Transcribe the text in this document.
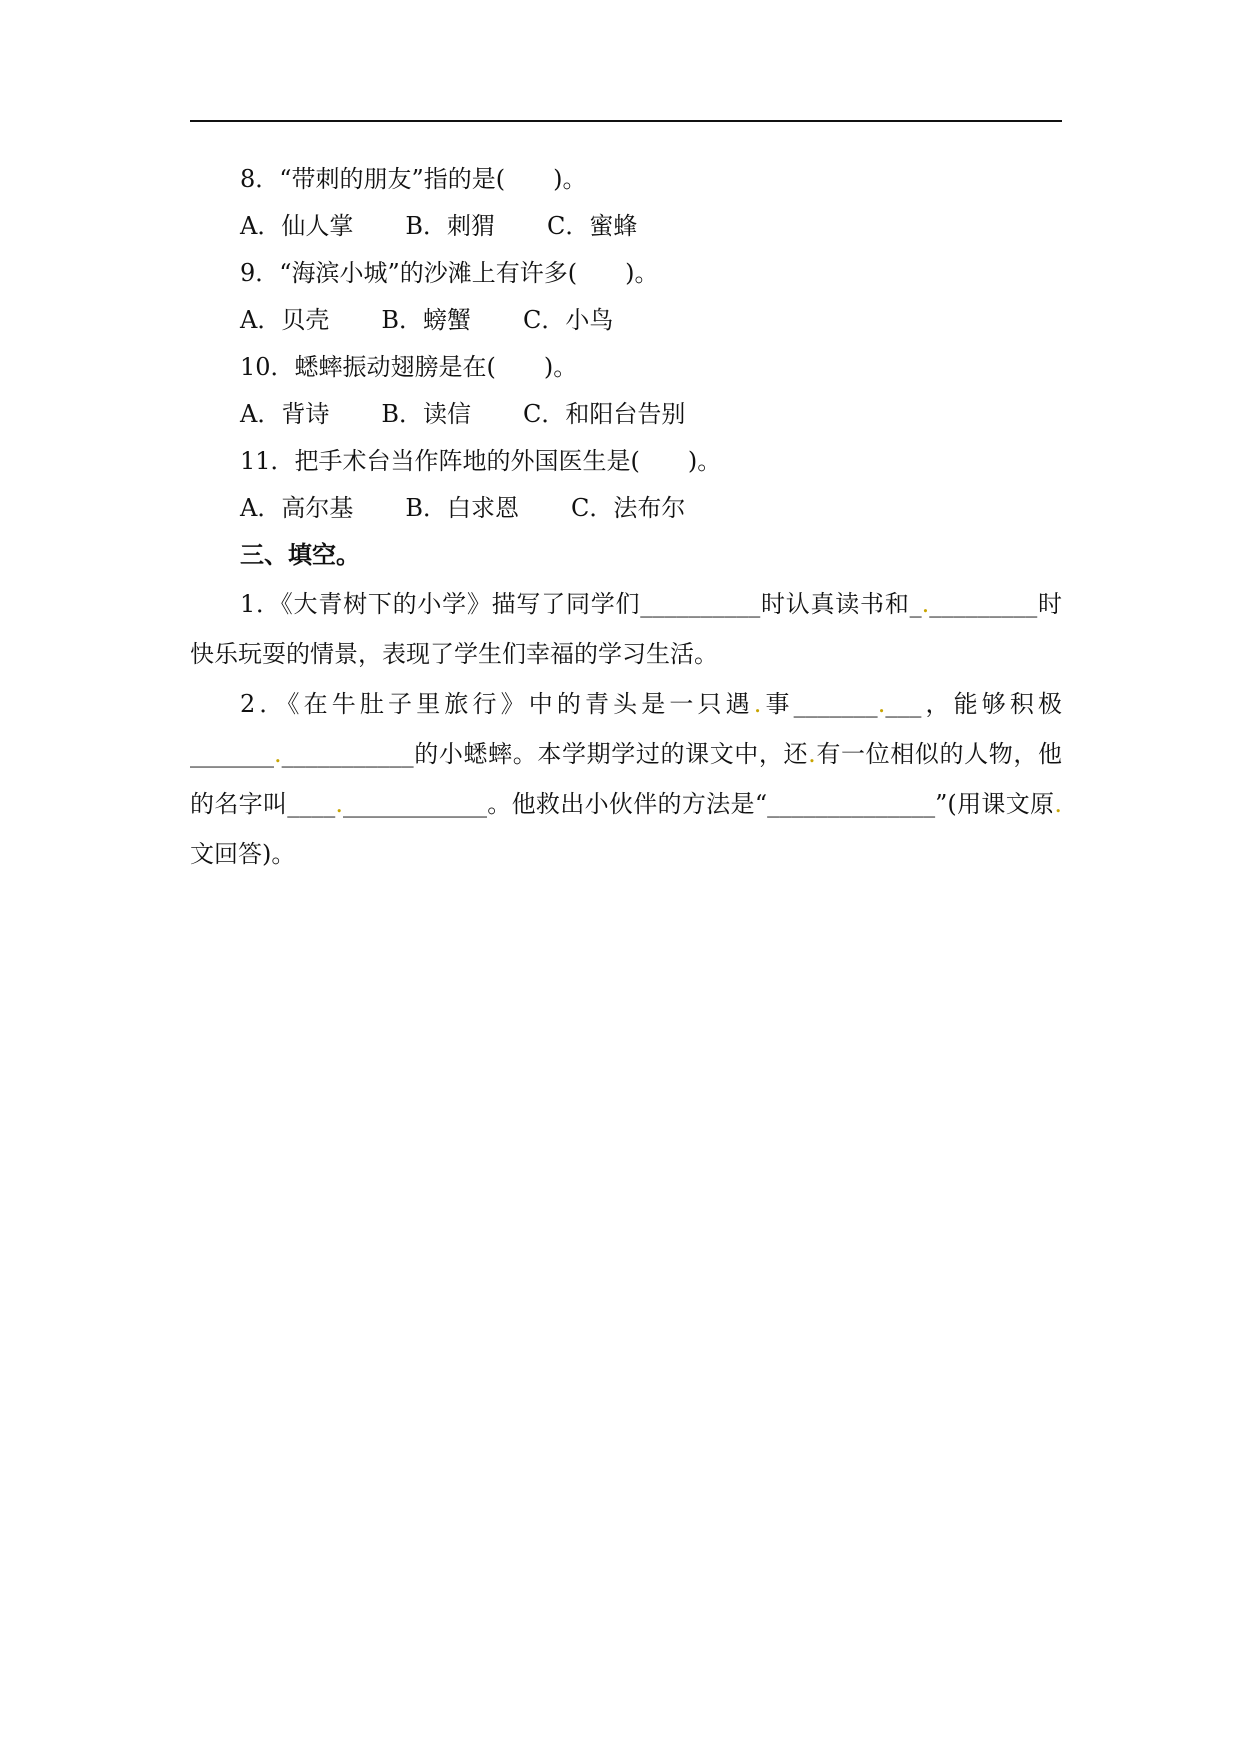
8．“带刺的朋友”指的是(　　)。
A．仙人掌 B．刺猬 C．蜜蜂
9．“海滨小城”的沙滩上有许多(　　)。
A．贝壳 B．螃蟹 C．小鸟
10．蟋蟀振动翅膀是在(　　)。
A．背诗 B．读信 C．和阳台告别
11．把手术台当作阵地的外国医生是(　　)。
A．高尔基 B．白求恩 C．法布尔
三、填空。

1．《大青树下的小学》描写了同学们__________时认真读书和_._________时快乐玩耍的情景，表现了学生们幸福的学习生活。

2．《在牛肚子里旅行》中的青头是一只遇.事_______.___，能够积极_______.___________的小蟋蟀。本学期学过的课文中，还.有一位相似的人物，他的名字叫____.____________。他救出小伙伴的方法是“______________”(用课文原.文回答)。
